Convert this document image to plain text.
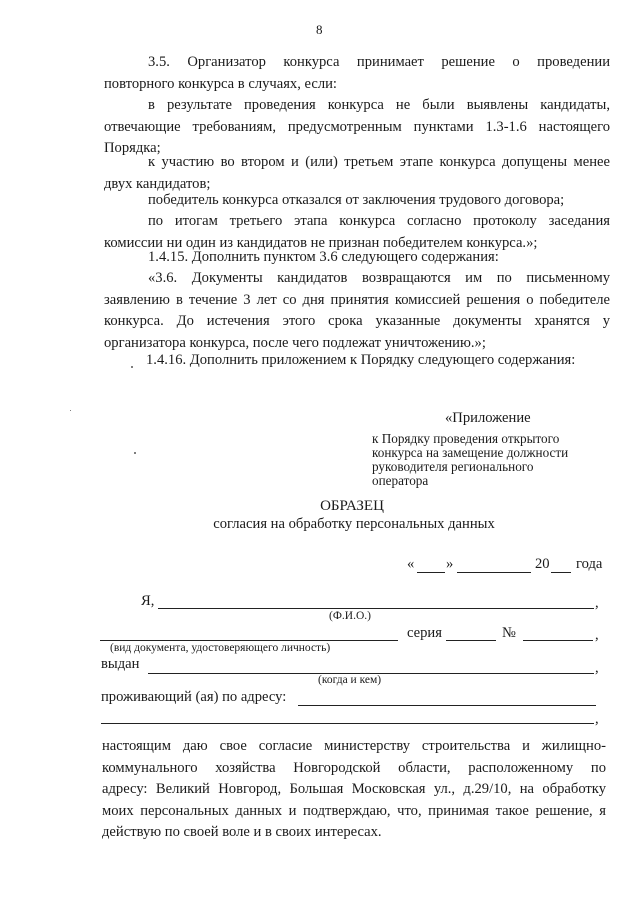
8
3.5. Организатор конкурса принимает решение о проведении
повторного конкурса в случаях, если:
в результате проведения конкурса не были выявлены кандидаты,
отвечающие требованиям, предусмотренным пунктами 1.3-1.6 настоящего
Порядка;
к участию во втором и (или) третьем этапе конкурса допущены менее
двух кандидатов;
победитель конкурса отказался от заключения трудового договора;
по итогам третьего этапа конкурса согласно протоколу заседания
комиссии ни один из кандидатов не признан победителем конкурса.»;
1.4.15. Дополнить пунктом 3.6 следующего содержания:
«3.6. Документы кандидатов возвращаются им по письменному
заявлению в течение 3 лет со дня принятия комиссией решения о победителе
конкурса. До истечения этого срока указанные документы хранятся у
организатора конкурса, после чего подлежат уничтожению.»;
1.4.16. Дополнить приложением к Порядку следующего содержания:
«Приложение
к Порядку проведения открытого
конкурса на замещение должности
руководителя регионального
оператора
ОБРАЗЕЦ
согласия на обработку персональных данных
« »	20 года
Я,	,
(Ф.И.О.)
серия	№	,
(вид документа, удостоверяющего личность)
выдан	,
(когда и кем)
проживающий (ая) по адресу:
,
настоящим даю свое согласие министерству строительства и жилищно-
коммунального хозяйства Новгородской области, расположенному по
адресу: Великий Новгород, Большая Московская ул., д.29/10, на обработку
моих персональных данных и подтверждаю, что, принимая такое решение, я
действую по своей воле и в своих интересах.
